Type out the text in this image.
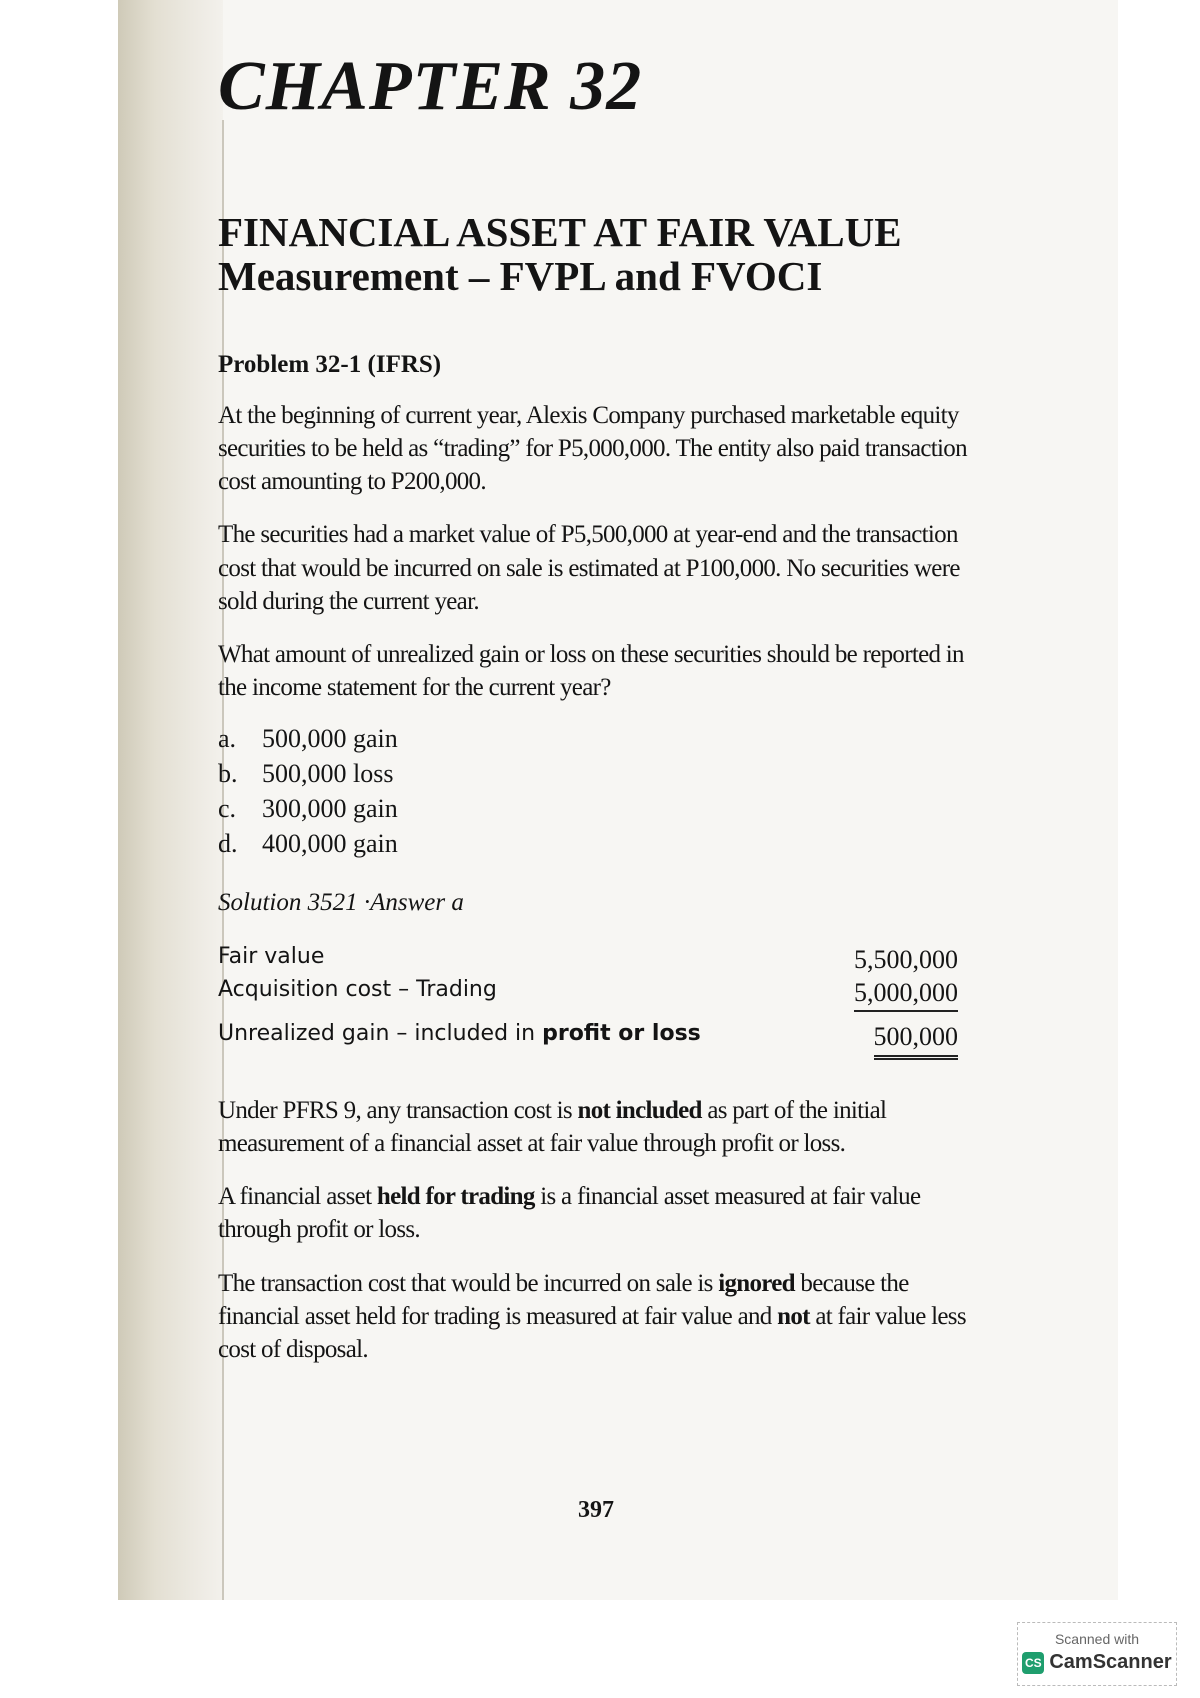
CHAPTER 32
FINANCIAL ASSET AT FAIR VALUE
Measurement – FVPL and FVOCI
Problem 32-1 (IFRS)
At the beginning of current year, Alexis Company purchased marketable equity securities to be held as “trading” for P5,000,000. The entity also paid transaction cost amounting to P200,000.
The securities had a market value of P5,500,000 at year-end and the transaction cost that would be incurred on sale is estimated at P100,000. No securities were sold during the current year.
What amount of unrealized gain or loss on these securities should be reported in the income statement for the current year?
a. 500,000 gain
b. 500,000 loss
c. 300,000 gain
d. 400,000 gain
Solution 3521 ·Answer a
Fair value	5,500,000
Acquisition cost – Trading	5,000,000
Unrealized gain – included in profit or loss	500,000
Under PFRS 9, any transaction cost is not included as part of the initial measurement of a financial asset at fair value through profit or loss.
A financial asset held for trading is a financial asset measured at fair value through profit or loss.
The transaction cost that would be incurred on sale is ignored because the financial asset held for trading is measured at fair value and not at fair value less cost of disposal.
397
Scanned with
CS CamScanner
